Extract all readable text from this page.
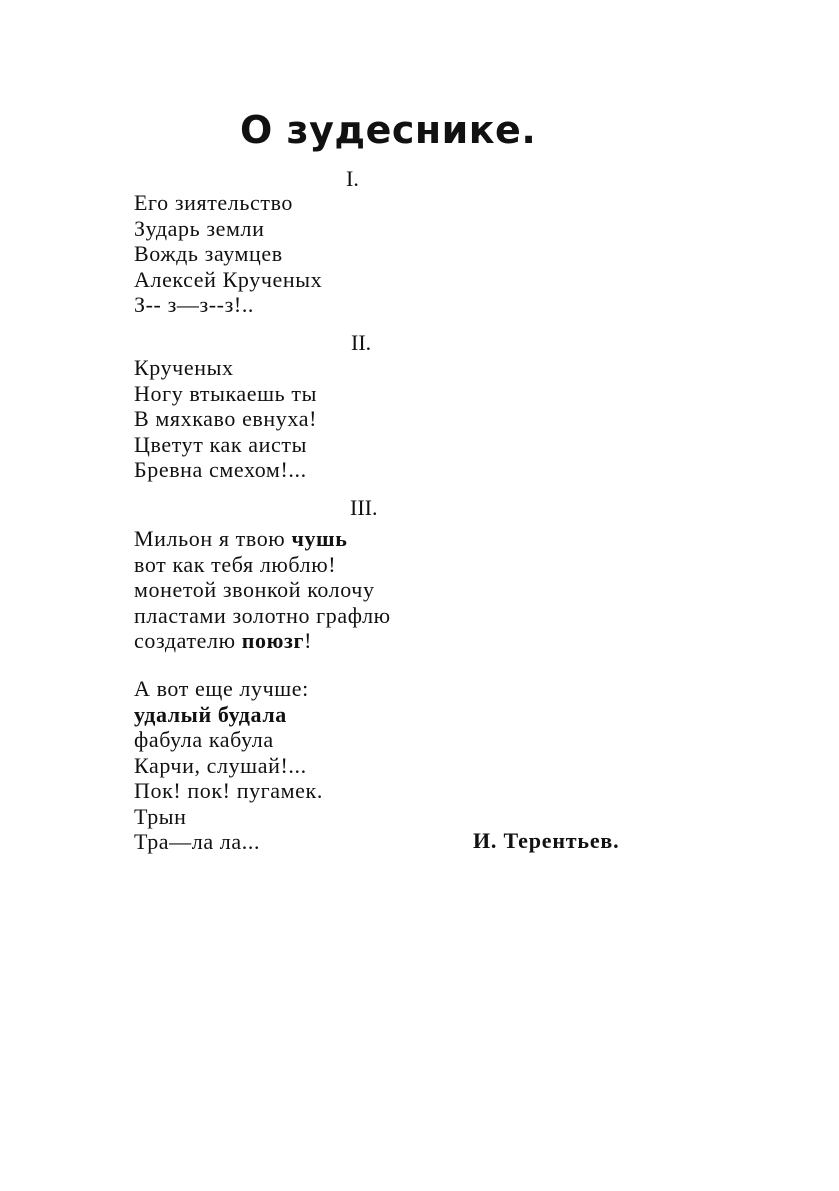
О зудеснике.
I.
Его зиятельство
Зударь земли
Вождь заумцев
Алексей Крученых
З-- з—з--з!..
II.
Крученых
Ногу втыкаешь ты
В мяхкаво евнуха!
Цветут как аисты
Бревна смехом!...
III.
Мильон я твою чушь
вот как тебя люблю!
монетой звонкой колочу
пластами золотно графлю
создателю поюзг!
А вот еще лучше:
удалый будала
фабула кабула
Карчи, слушай!...
Пок! пок! пугамек.
Трын
Тра—ла ла...	И. Терентьев.
